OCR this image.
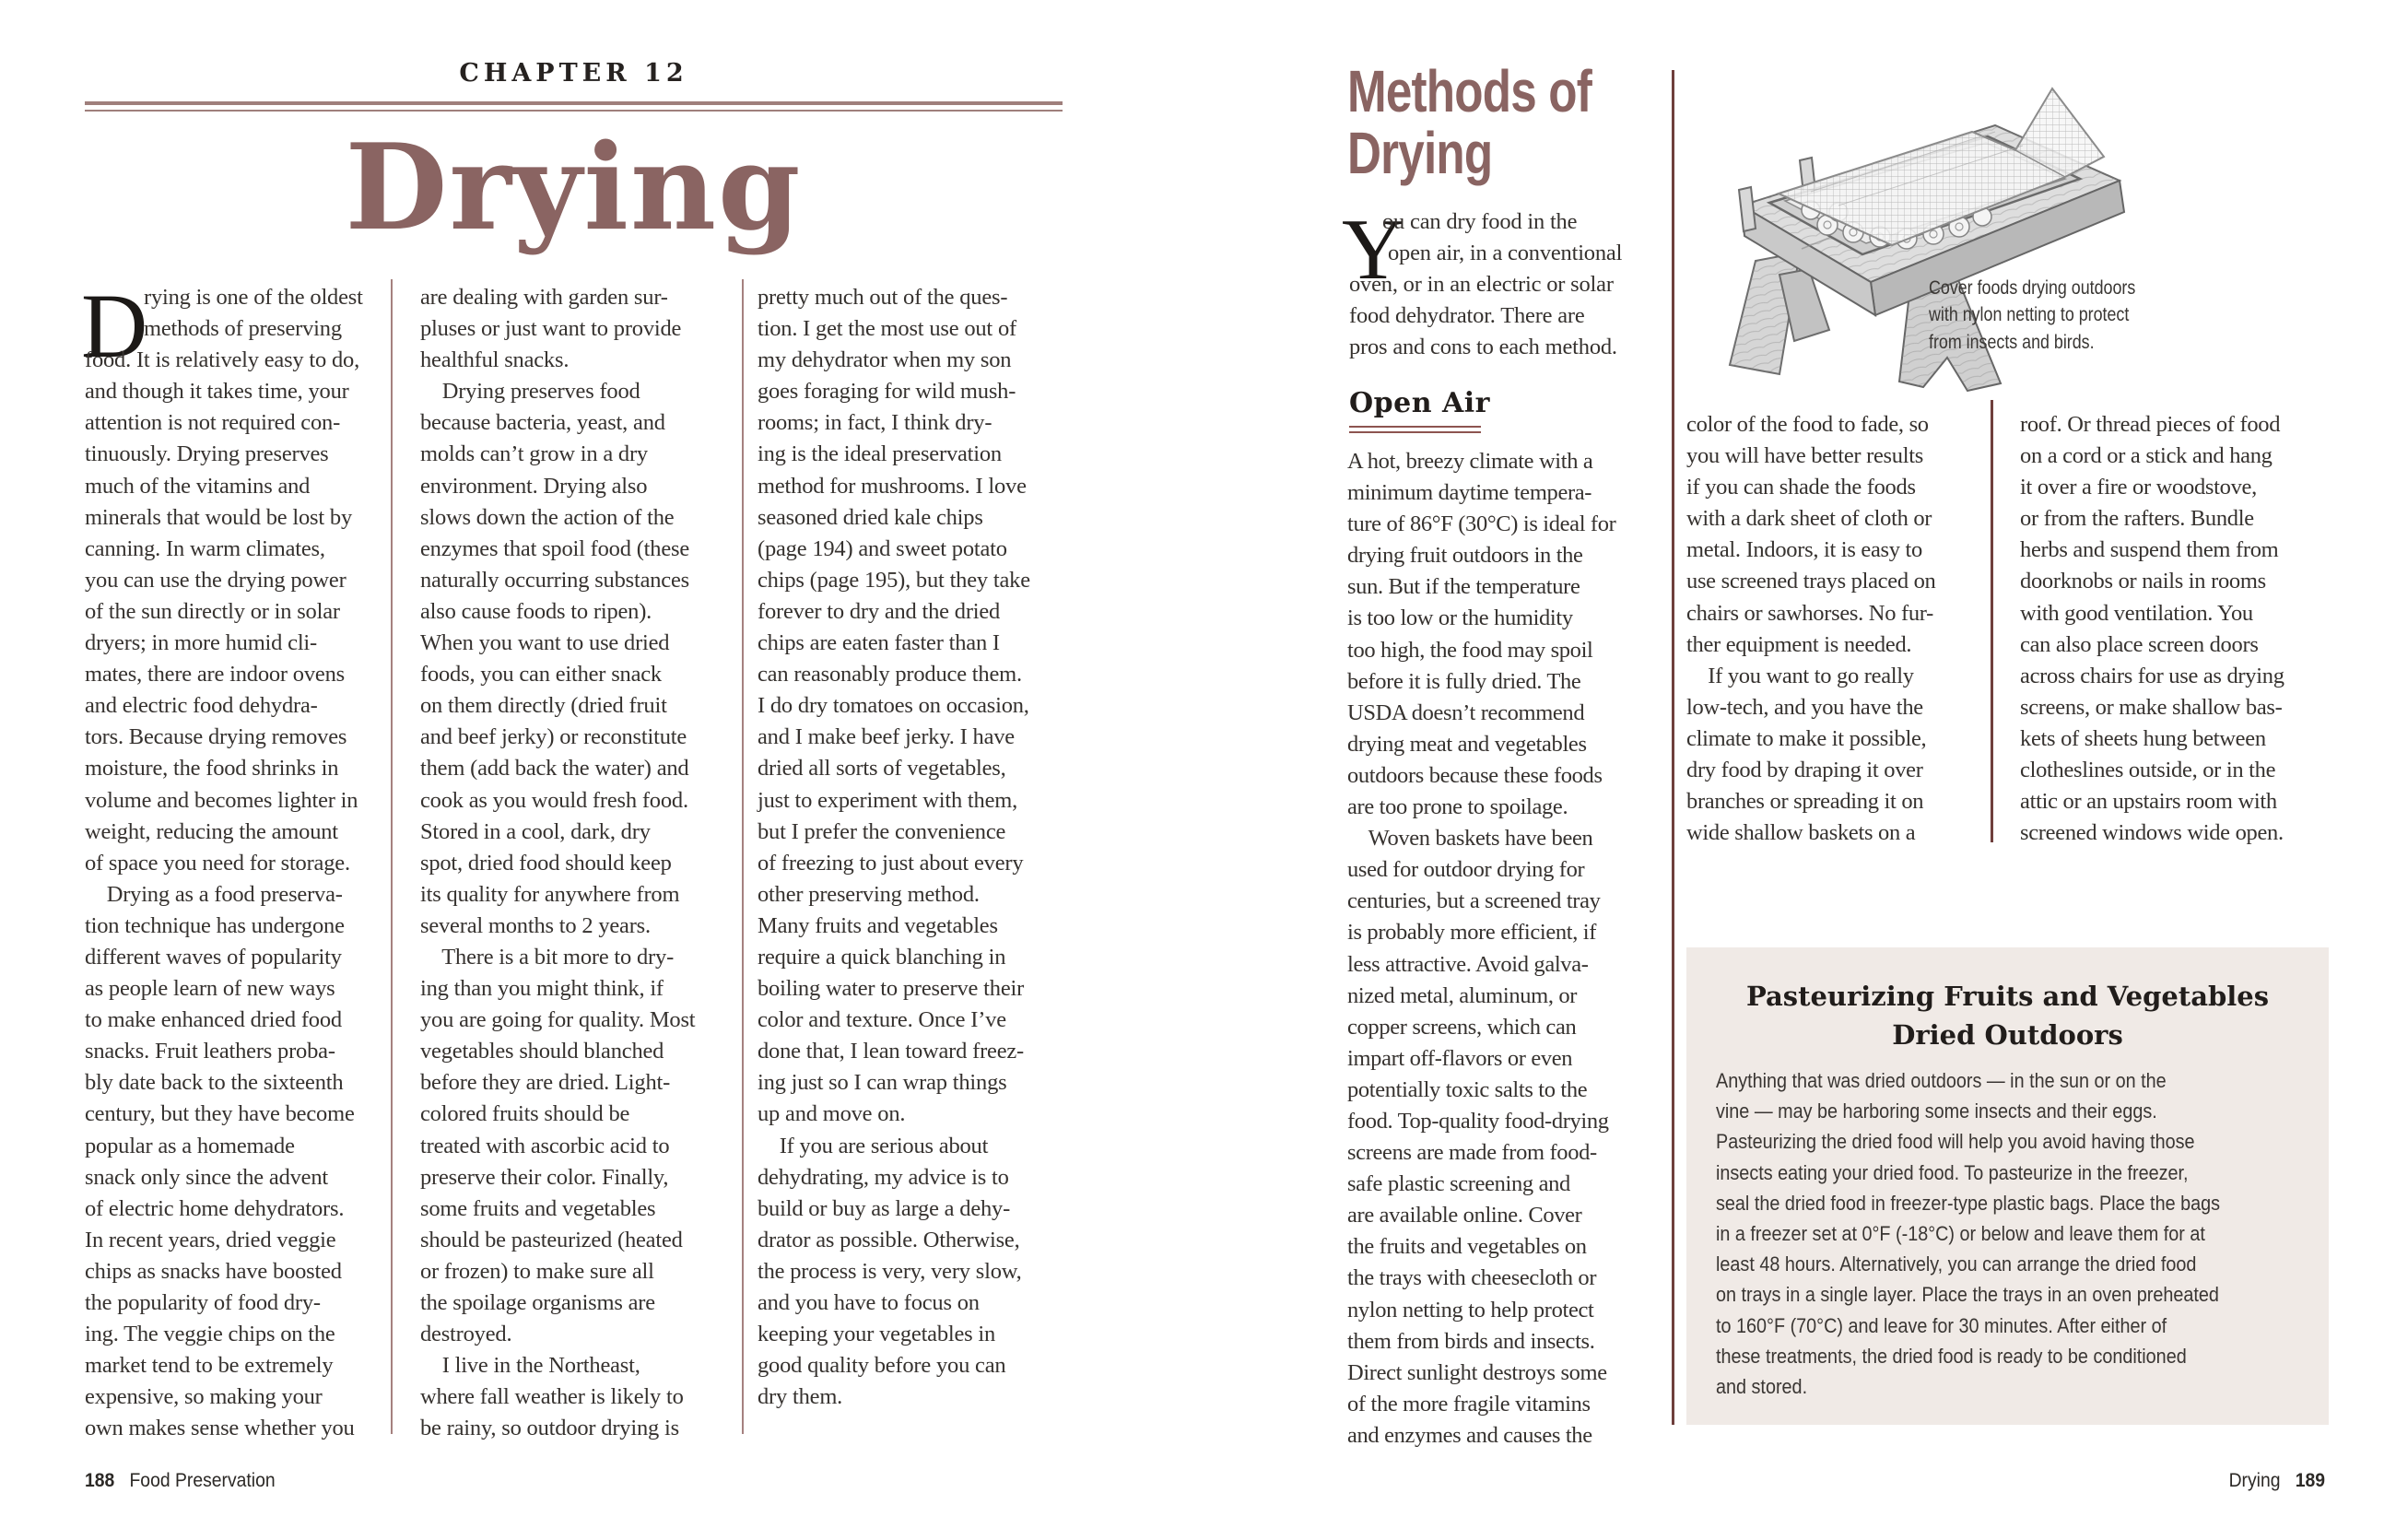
CHAPTER 12
Drying
D
rying is one of the oldest
methods of preserving
food. It is relatively easy to do,
and though it takes time, your
attention is not required con-
tinuously. Drying preserves
much of the vitamins and
minerals that would be lost by
canning. In warm climates,
you can use the drying power
of the sun directly or in solar
dryers; in more humid cli-
mates, there are indoor ovens
and electric food dehydra-
tors. Because drying removes
moisture, the food shrinks in
volume and becomes lighter in
weight, reducing the amount
of space you need for storage.
Drying as a food preserva-
tion technique has undergone
different waves of popularity
as people learn of new ways
to make enhanced dried food
snacks. Fruit leathers proba-
bly date back to the sixteenth
century, but they have become
popular as a homemade
snack only since the advent
of electric home dehydrators.
In recent years, dried veggie
chips as snacks have boosted
the popularity of food dry-
ing. The veggie chips on the
market tend to be extremely
expensive, so making your
own makes sense whether you
are dealing with garden sur-
pluses or just want to provide
healthful snacks.
Drying preserves food
because bacteria, yeast, and
molds can’t grow in a dry
environment. Drying also
slows down the action of the
enzymes that spoil food (these
naturally occurring substances
also cause foods to ripen).
When you want to use dried
foods, you can either snack
on them directly (dried fruit
and beef jerky) or reconstitute
them (add back the water) and
cook as you would fresh food.
Stored in a cool, dark, dry
spot, dried food should keep
its quality for anywhere from
several months to 2 years.
There is a bit more to dry-
ing than you might think, if
you are going for quality. Most
vegetables should blanched
before they are dried. Light-
colored fruits should be
treated with ascorbic acid to
preserve their color. Finally,
some fruits and vegetables
should be pasteurized (heated
or frozen) to make sure all
the spoilage organisms are
destroyed.
I live in the Northeast,
where fall weather is likely to
be rainy, so outdoor drying is
pretty much out of the ques-
tion. I get the most use out of
my dehydrator when my son
goes foraging for wild mush-
rooms; in fact, I think dry-
ing is the ideal preservation
method for mushrooms. I love
seasoned dried kale chips
(page 194) and sweet potato
chips (page 195), but they take
forever to dry and the dried
chips are eaten faster than I
can reasonably produce them.
I do dry tomatoes on occasion,
and I make beef jerky. I have
dried all sorts of vegetables,
just to experiment with them,
but I prefer the convenience
of freezing to just about every
other preserving method.
Many fruits and vegetables
require a quick blanching in
boiling water to preserve their
color and texture. Once I’ve
done that, I lean toward freez-
ing just so I can wrap things
up and move on.
If you are serious about
dehydrating, my advice is to
build or buy as large a dehy-
drator as possible. Otherwise,
the process is very, very slow,
and you have to focus on
keeping your vegetables in
good quality before you can
dry them.
188 Food Preservation
Methods of
Drying
Y
ou can dry food in the
open air, in a conventional
oven, or in an electric or solar
food dehydrator. There are
pros and cons to each method.
Open Air
A hot, breezy climate with a
minimum daytime tempera-
ture of 86°F (30°C) is ideal for
drying fruit outdoors in the
sun. But if the temperature
is too low or the humidity
too high, the food may spoil
before it is fully dried. The
USDA doesn’t recommend
drying meat and vegetables
outdoors because these foods
are too prone to spoilage.
Woven baskets have been
used for outdoor drying for
centuries, but a screened tray
is probably more efficient, if
less attractive. Avoid galva-
nized metal, aluminum, or
copper screens, which can
impart off-flavors or even
potentially toxic salts to the
food. Top-quality food-drying
screens are made from food-
safe plastic screening and
are available online. Cover
the fruits and vegetables on
the trays with cheesecloth or
nylon netting to help protect
them from birds and insects.
Direct sunlight destroys some
of the more fragile vitamins
and enzymes and causes the
color of the food to fade, so
you will have better results
if you can shade the foods
with a dark sheet of cloth or
metal. Indoors, it is easy to
use screened trays placed on
chairs or sawhorses. No fur-
ther equipment is needed.
If you want to go really
low-tech, and you have the
climate to make it possible,
dry food by draping it over
branches or spreading it on
wide shallow baskets on a
roof. Or thread pieces of food
on a cord or a stick and hang
it over a fire or woodstove,
or from the rafters. Bundle
herbs and suspend them from
doorknobs or nails in rooms
with good ventilation. You
can also place screen doors
across chairs for use as drying
screens, or make shallow bas-
kets of sheets hung between
clotheslines outside, or in the
attic or an upstairs room with
screened windows wide open.
Cover foods drying outdoors
with nylon netting to protect
from insects and birds.
Pasteurizing Fruits and Vegetables
Dried Outdoors
Anything that was dried outdoors — in the sun or on the
vine — may be harboring some insects and their eggs.
Pasteurizing the dried food will help you avoid having those
insects eating your dried food. To pasteurize in the freezer,
seal the dried food in freezer-type plastic bags. Place the bags
in a freezer set at 0°F (-18°C) or below and leave them for at
least 48 hours. Alternatively, you can arrange the dried food
on trays in a single layer. Place the trays in an oven preheated
to 160°F (70°C) and leave for 30 minutes. After either of
these treatments, the dried food is ready to be conditioned
and stored.
Drying 189
